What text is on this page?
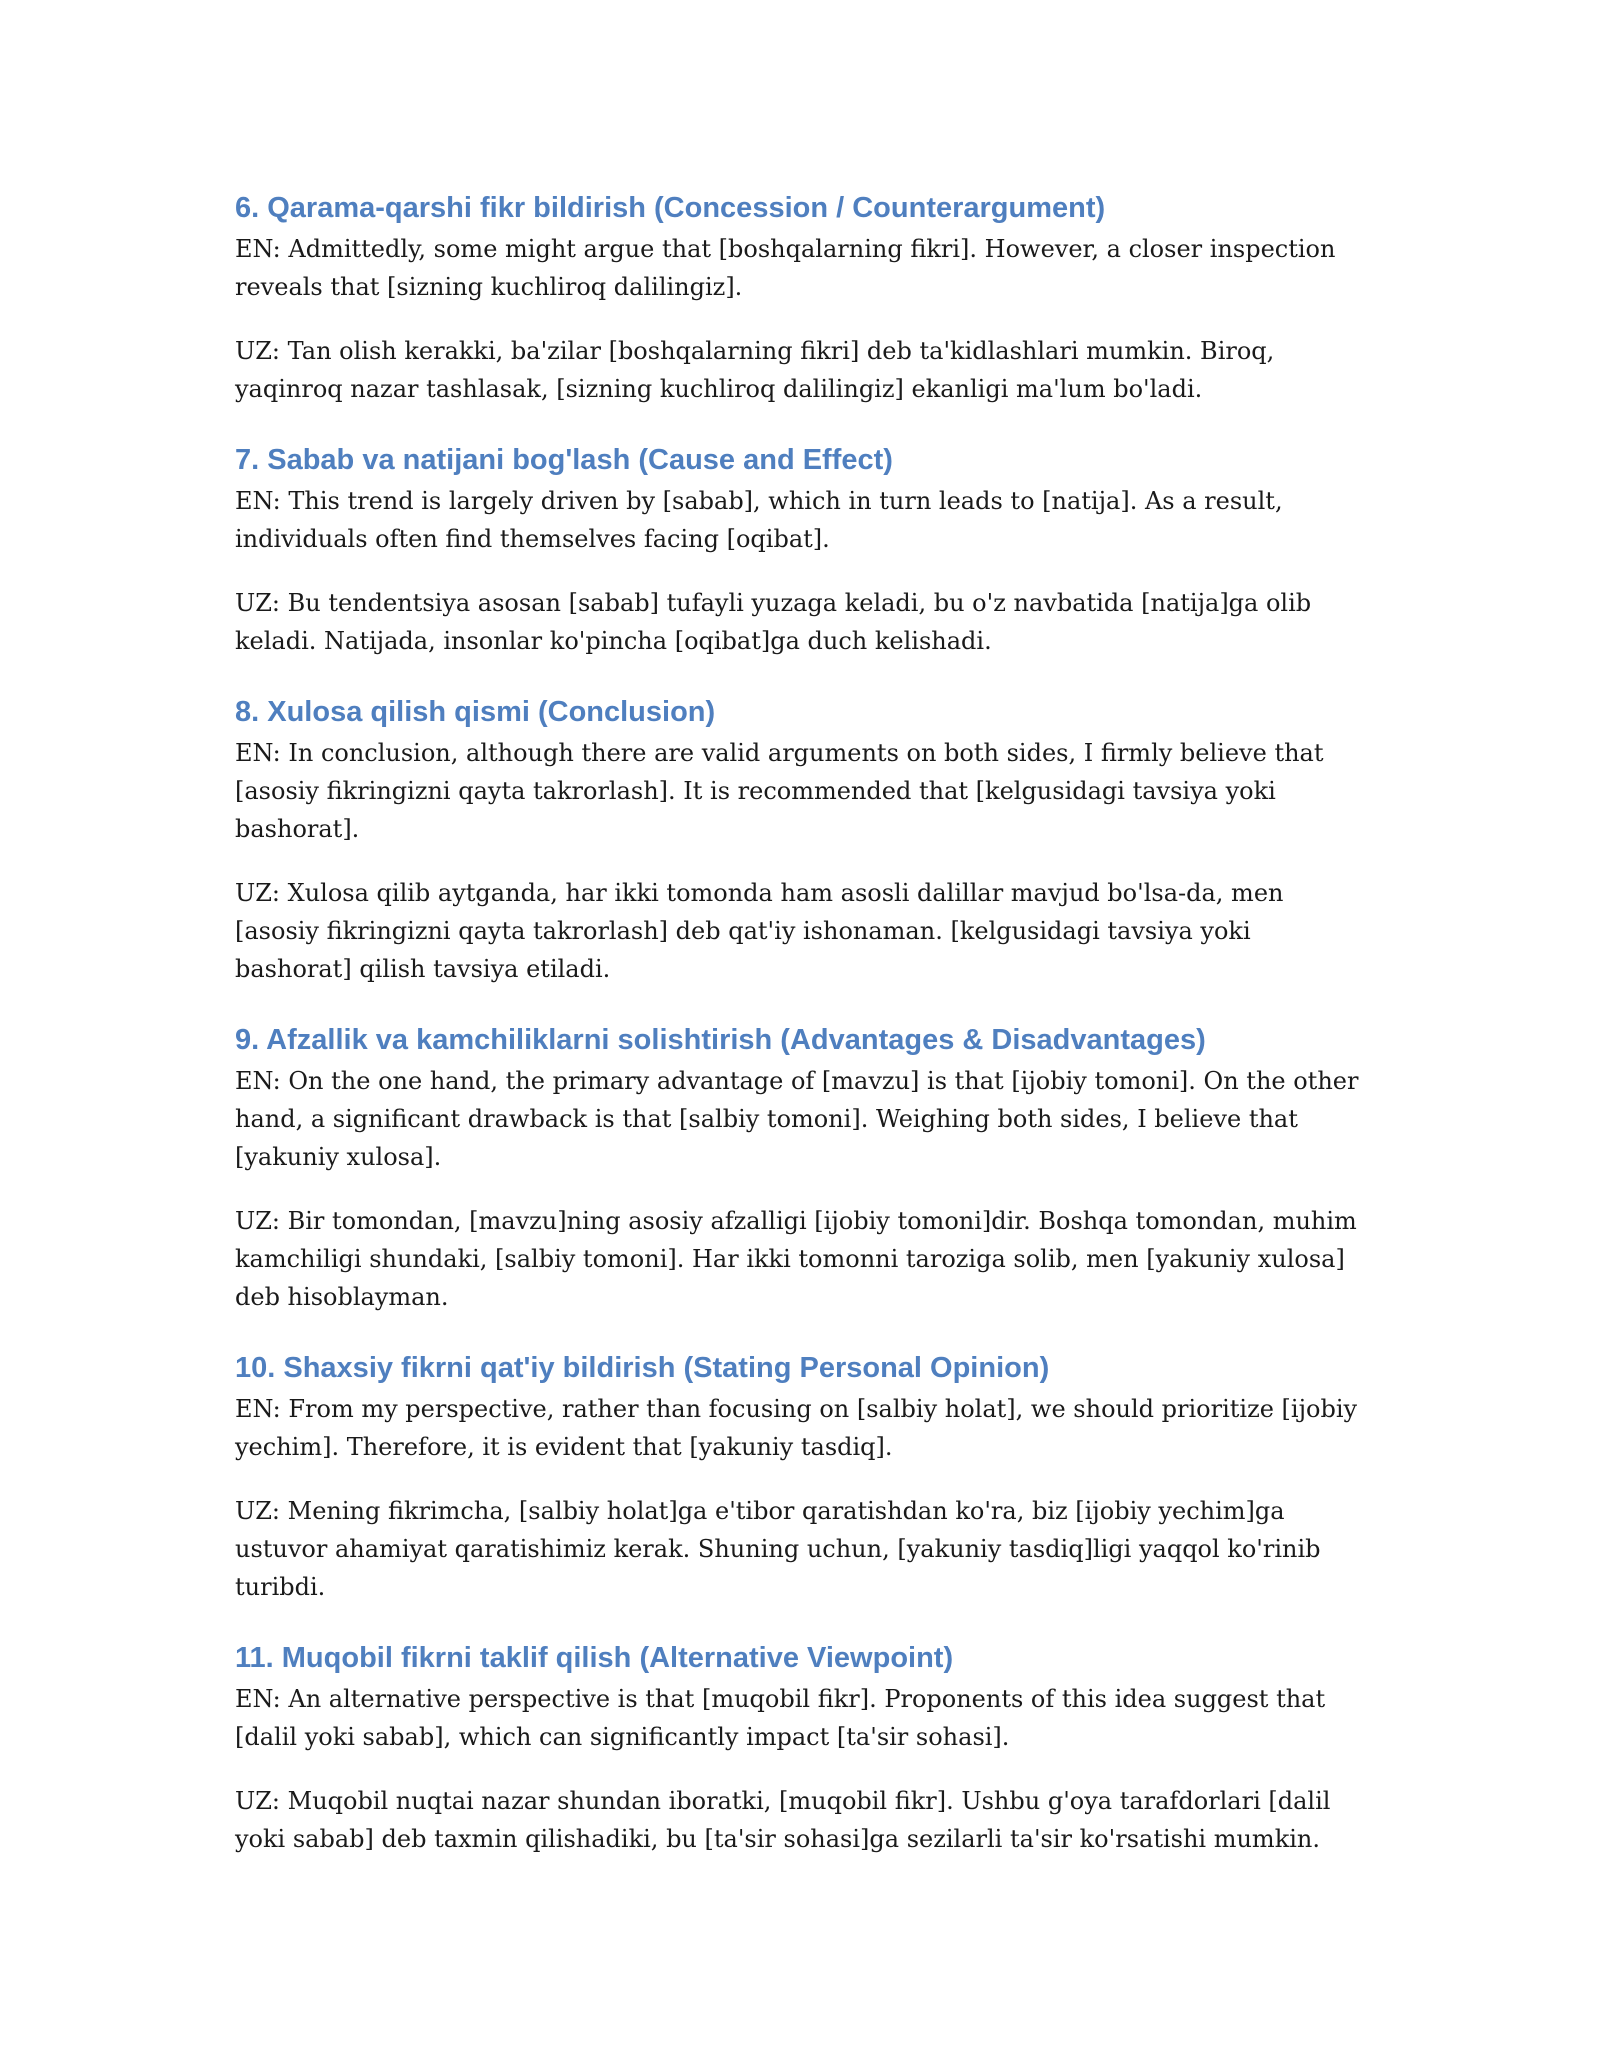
6. Qarama-qarshi fikr bildirish (Concession / Counterargument)

EN: Admittedly, some might argue that [boshqalarning fikri]. However, a closer inspection reveals that [sizning kuchliroq dalilingiz].

UZ: Tan olish kerakki, ba'zilar [boshqalarning fikri] deb ta'kidlashlari mumkin. Biroq, yaqinroq nazar tashlasak, [sizning kuchliroq dalilingiz] ekanligi ma'lum bo'ladi.

7. Sabab va natijani bog'lash (Cause and Effect)

EN: This trend is largely driven by [sabab], which in turn leads to [natija]. As a result, individuals often find themselves facing [oqibat].

UZ: Bu tendentsiya asosan [sabab] tufayli yuzaga keladi, bu o'z navbatida [natija]ga olib keladi. Natijada, insonlar ko'pincha [oqibat]ga duch kelishadi.

8. Xulosa qilish qismi (Conclusion)

EN: In conclusion, although there are valid arguments on both sides, I firmly believe that [asosiy fikringizni qayta takrorlash]. It is recommended that [kelgusidagi tavsiya yoki bashorat].

UZ: Xulosa qilib aytganda, har ikki tomonda ham asosli dalillar mavjud bo'lsa-da, men [asosiy fikringizni qayta takrorlash] deb qat'iy ishonaman. [kelgusidagi tavsiya yoki bashorat] qilish tavsiya etiladi.

9. Afzallik va kamchiliklarni solishtirish (Advantages & Disadvantages)

EN: On the one hand, the primary advantage of [mavzu] is that [ijobiy tomoni]. On the other hand, a significant drawback is that [salbiy tomoni]. Weighing both sides, I believe that [yakuniy xulosa].

UZ: Bir tomondan, [mavzu]ning asosiy afzalligi [ijobiy tomoni]dir. Boshqa tomondan, muhim kamchiligi shundaki, [salbiy tomoni]. Har ikki tomonni taroziga solib, men [yakuniy xulosa] deb hisoblayman.

10. Shaxsiy fikrni qat'iy bildirish (Stating Personal Opinion)

EN: From my perspective, rather than focusing on [salbiy holat], we should prioritize [ijobiy yechim]. Therefore, it is evident that [yakuniy tasdiq].

UZ: Mening fikrimcha, [salbiy holat]ga e'tibor qaratishdan ko'ra, biz [ijobiy yechim]ga ustuvor ahamiyat qaratishimiz kerak. Shuning uchun, [yakuniy tasdiq]ligi yaqqol ko'rinib turibdi.

11. Muqobil fikrni taklif qilish (Alternative Viewpoint)

EN: An alternative perspective is that [muqobil fikr]. Proponents of this idea suggest that [dalil yoki sabab], which can significantly impact [ta'sir sohasi].

UZ: Muqobil nuqtai nazar shundan iboratki, [muqobil fikr]. Ushbu g'oya tarafdorlari [dalil yoki sabab] deb taxmin qilishadiki, bu [ta'sir sohasi]ga sezilarli ta'sir ko'rsatishi mumkin.
